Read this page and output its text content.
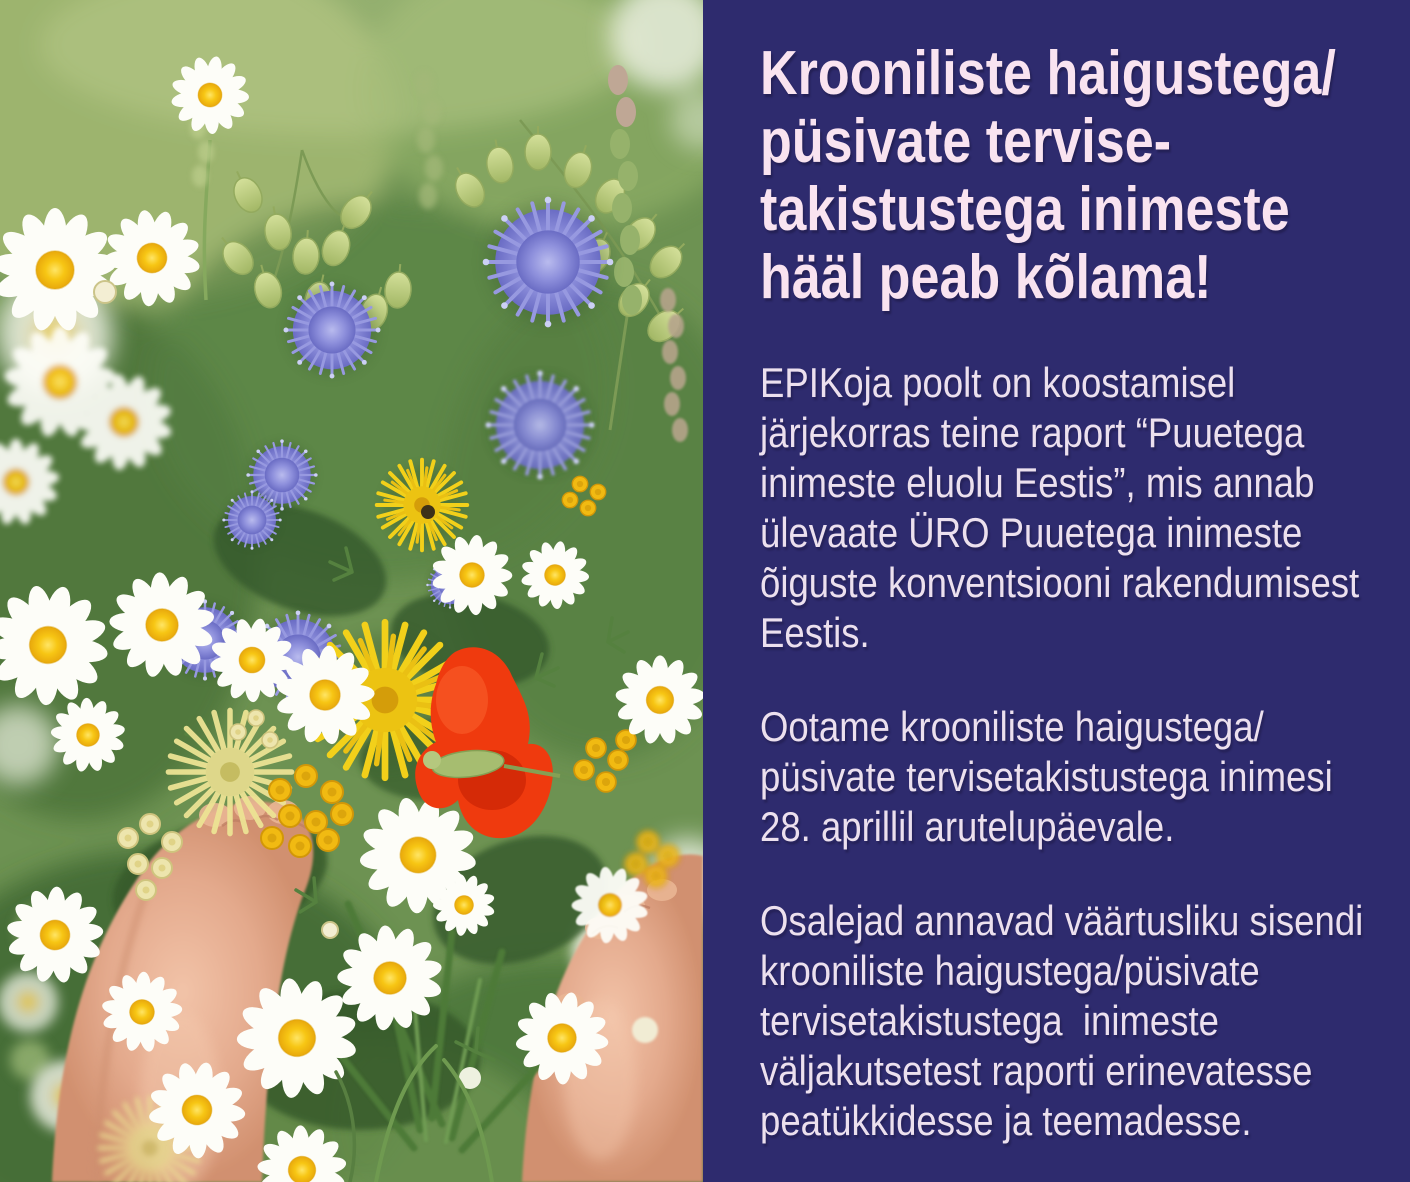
Krooniliste haigustega/
püsivate tervise-
takistustega inimeste
hääl peab kõlama!
EPIKoja poolt on koostamisel
järjekorras teine raport “Puuetega
inimeste eluolu Eestis”, mis annab
ülevaate ÜRO Puuetega inimeste
õiguste konventsiooni rakendumisest
Eestis.
Ootame krooniliste haigustega/
püsivate tervisetakistustega inimesi
28. aprillil arutelupäevale.
Osalejad annavad väärtusliku sisendi
krooniliste haigustega/püsivate
tervisetakistustega  inimeste
väljakutsetest raporti erinevatesse
peatükkidesse ja teemadesse.
